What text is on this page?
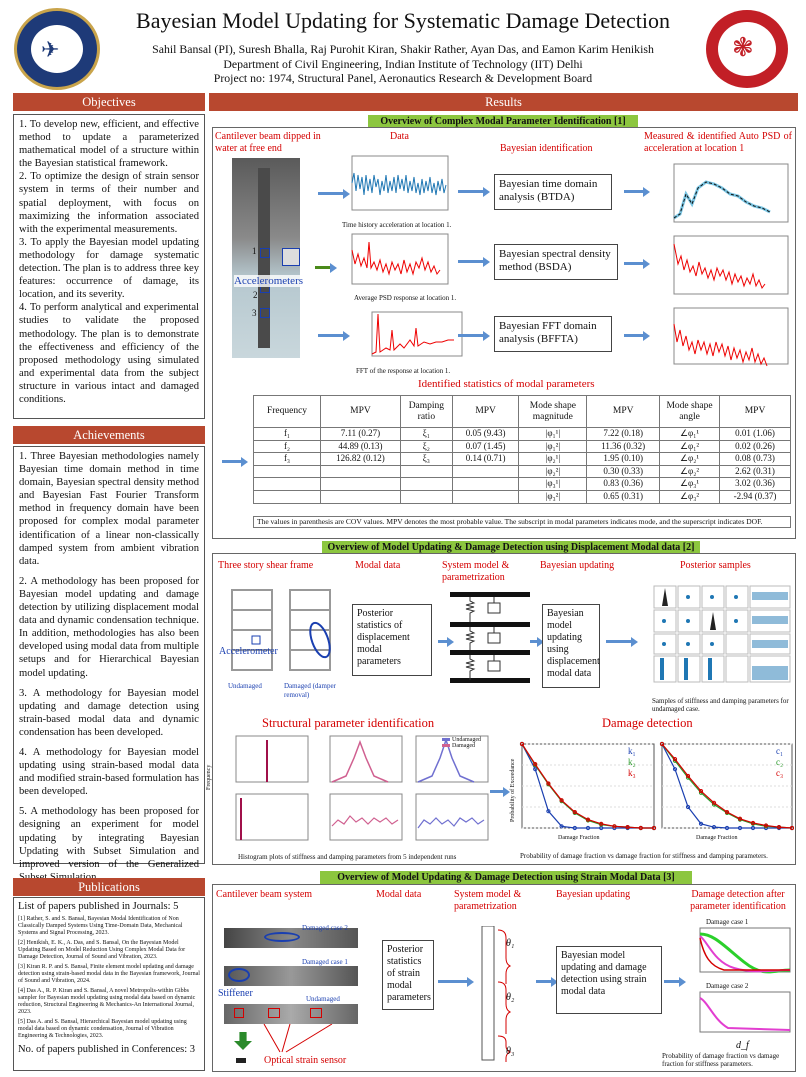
✈
Bayesian Model Updating for Systematic Damage Detection
Sahil Bansal (PI), Suresh Bhalla, Raj Purohit Kiran, Shakir Rather, Ayan Das, and Eamon Karim Henikish
Department of Civil Engineering, Indian Institute of Technology (IIT) Delhi
Project no: 1974, Structural Panel, Aeronautics Research & Development Board
❃
Objectives

1. To develop new, efficient, and effective method to update a parameterized mathematical model of a structure within the Bayesian statistical framework.

2. To optimize the design of strain sensor system in terms of their number and spatial deployment, with focus on maximizing the information associated with the experimental measurements.

3. To apply the Bayesian model updating methodology for damage systematic detection. The plan is to address three key features: occurrence of damage, its location, and its severity.

4. To perform analytical and experimental studies to validate the proposed methodology. The plan is to demonstrate the effectiveness and efficiency of the proposed methodology using simulated and experimental data from the subject structure in various intact and damaged conditions.

Achievements

1. Three Bayesian methodologies namely Bayesian time domain method in time domain, Bayesian spectral density method and Bayesian Fast Fourier Transform method in frequency domain have been proposed for complex modal parameter identification of a linear non-classically damped system from ambient vibration data.

2. A methodology has been proposed for Bayesian model updating and damage detection by utilizing displacement modal data and dynamic condensation technique. In addition, methodologies has also been developed using modal data from multiple setups and for Hierarchical Bayesian model updating.

3. A methodology for Bayesian model updating and damage detection using strain-based modal data and dynamic condensation has been developed.

4. A methodology for Bayesian model updating using strain-based modal data and modified strain-based formulation has been developed.

5. A methodology has been proposed for designing an experiment for model updating by integrating Bayesian Updating with Subset Simulation and improved version of the Generalized

Publications
List of papers published in Journals: 5
[1] Rather, S. and S. Bansal, Bayesian Modal Identification of Non Classically Damped Systems Using Time-Domain Data, Mechanical Systems and Signal Processing, 2023.
[2] Henikish, E. K., A. Das, and S. Bansal, On the Bayesian Model Updating Based on Model Reduction Using Complex Modal Data for Damage Detection, Journal of Sound and Vibration, 2023.
[3] Kiran R. P. and S. Bansal, Finite element model updating and damage detection using strain-based modal data in the Bayesian framework, Journal of Sound and Vibration, 2024.
[4] Das A., R. P. Kiran and S. Bansal, A novel Metropolis-within Gibbs sampler for Bayesian model updating using modal data based on dynamic reduction, Structural Engineering & Mechanics-An International Journal, 2023.
[5] Das A. and S. Bansal, Hierarchical Bayesian model updating using modal data based on dynamic condensation, Journal of Vibration Engineering & Technologies, 2023.
No. of papers published in Conferences: 3
Results
Overview of Complex Modal Parameter Identification [1]
Cantilever beam dipped in water at free end
Data
Bayesian identification
Measured & identified Auto PSD of acceleration at location 1
1
2
3
Accelerometers
Time history acceleration at location 1.
Average PSD response at location 1.
FFT of the response at location 1.
Bayesian time domain analysis (BTDA)
Bayesian spectral density method (BSDA)
Bayesian FFT domain analysis (BFFTA)
Identified statistics of modal parameters
Frequency	MPV	Damping ratio	MPV	Mode shape magnitude	MPV	Mode shape angle	MPV
f₁	7.11 (0.27)	ξ₁	0.05 (9.43)	|φ₁¹|	7.22 (0.18)	∠φ₁¹	0.01 (1.06)
f₂	44.89 (0.13)	ξ₂	0.07 (1.45)	|φ₁²|	11.36 (0.32)	∠φ₁²	0.02 (0.26)
f₃	126.82 (0.12)	ξ₃	0.14 (0.71)	|φ₂¹|	1.95 (0.10)	∠φ₂¹	0.08 (0.73)
				|φ₂²|	0.30 (0.33)	∠φ₂²	2.62 (0.31)
				|φ₃¹|	0.83 (0.36)	∠φ₃¹	3.02 (0.36)
				|φ₃²|	0.65 (0.31)	∠φ₃²	-2.94 (0.37)
The values in parenthesis are COV values. MPV denotes the most probable value. The subscript in modal parameters indicates mode, and the superscript indicates DOF.
Overview of Model Updating & Damage Detection using Displacement Modal data [2]
Three story shear frame	Modal data	System model & parametrization
Bayesian updating	Posterior samples
Accelerometer
Undamaged	Damaged (damper removal)
Posterior statistics of displacement modal parameters
Bayesian model updating using displacement modal data
Samples of stiffness and damping parameters for undamaged case.
Structural parameter identification	Damage detection
Undamaged
Damaged
Frequency
Histogram plots of stiffness and damping parameters from 5 independent runs
k₁
k₂
k₃
c₁
c₂
c₃
Damage Fraction	Damage Fraction
Probability of Exceedance
Probability of damage fraction vs damage fraction for stiffness and damping parameters.
Overview of Model Updating & Damage Detection using Strain Modal Data [3]
Cantilever beam system	Modal data	System model & parametrization
Bayesian updating	Damage detection after parameter identification
Damaged case 2
Damaged case 1
Undamaged
Stiffener
Optical strain sensor
Posterior statistics of strain modal parameters
θ₁
θ₂
θ₃
Bayesian model updating and damage detection using strain modal data
Damage case 1
Damage case 2
d_f
Probability of damage fraction vs damage fraction for stiffness parameters.
